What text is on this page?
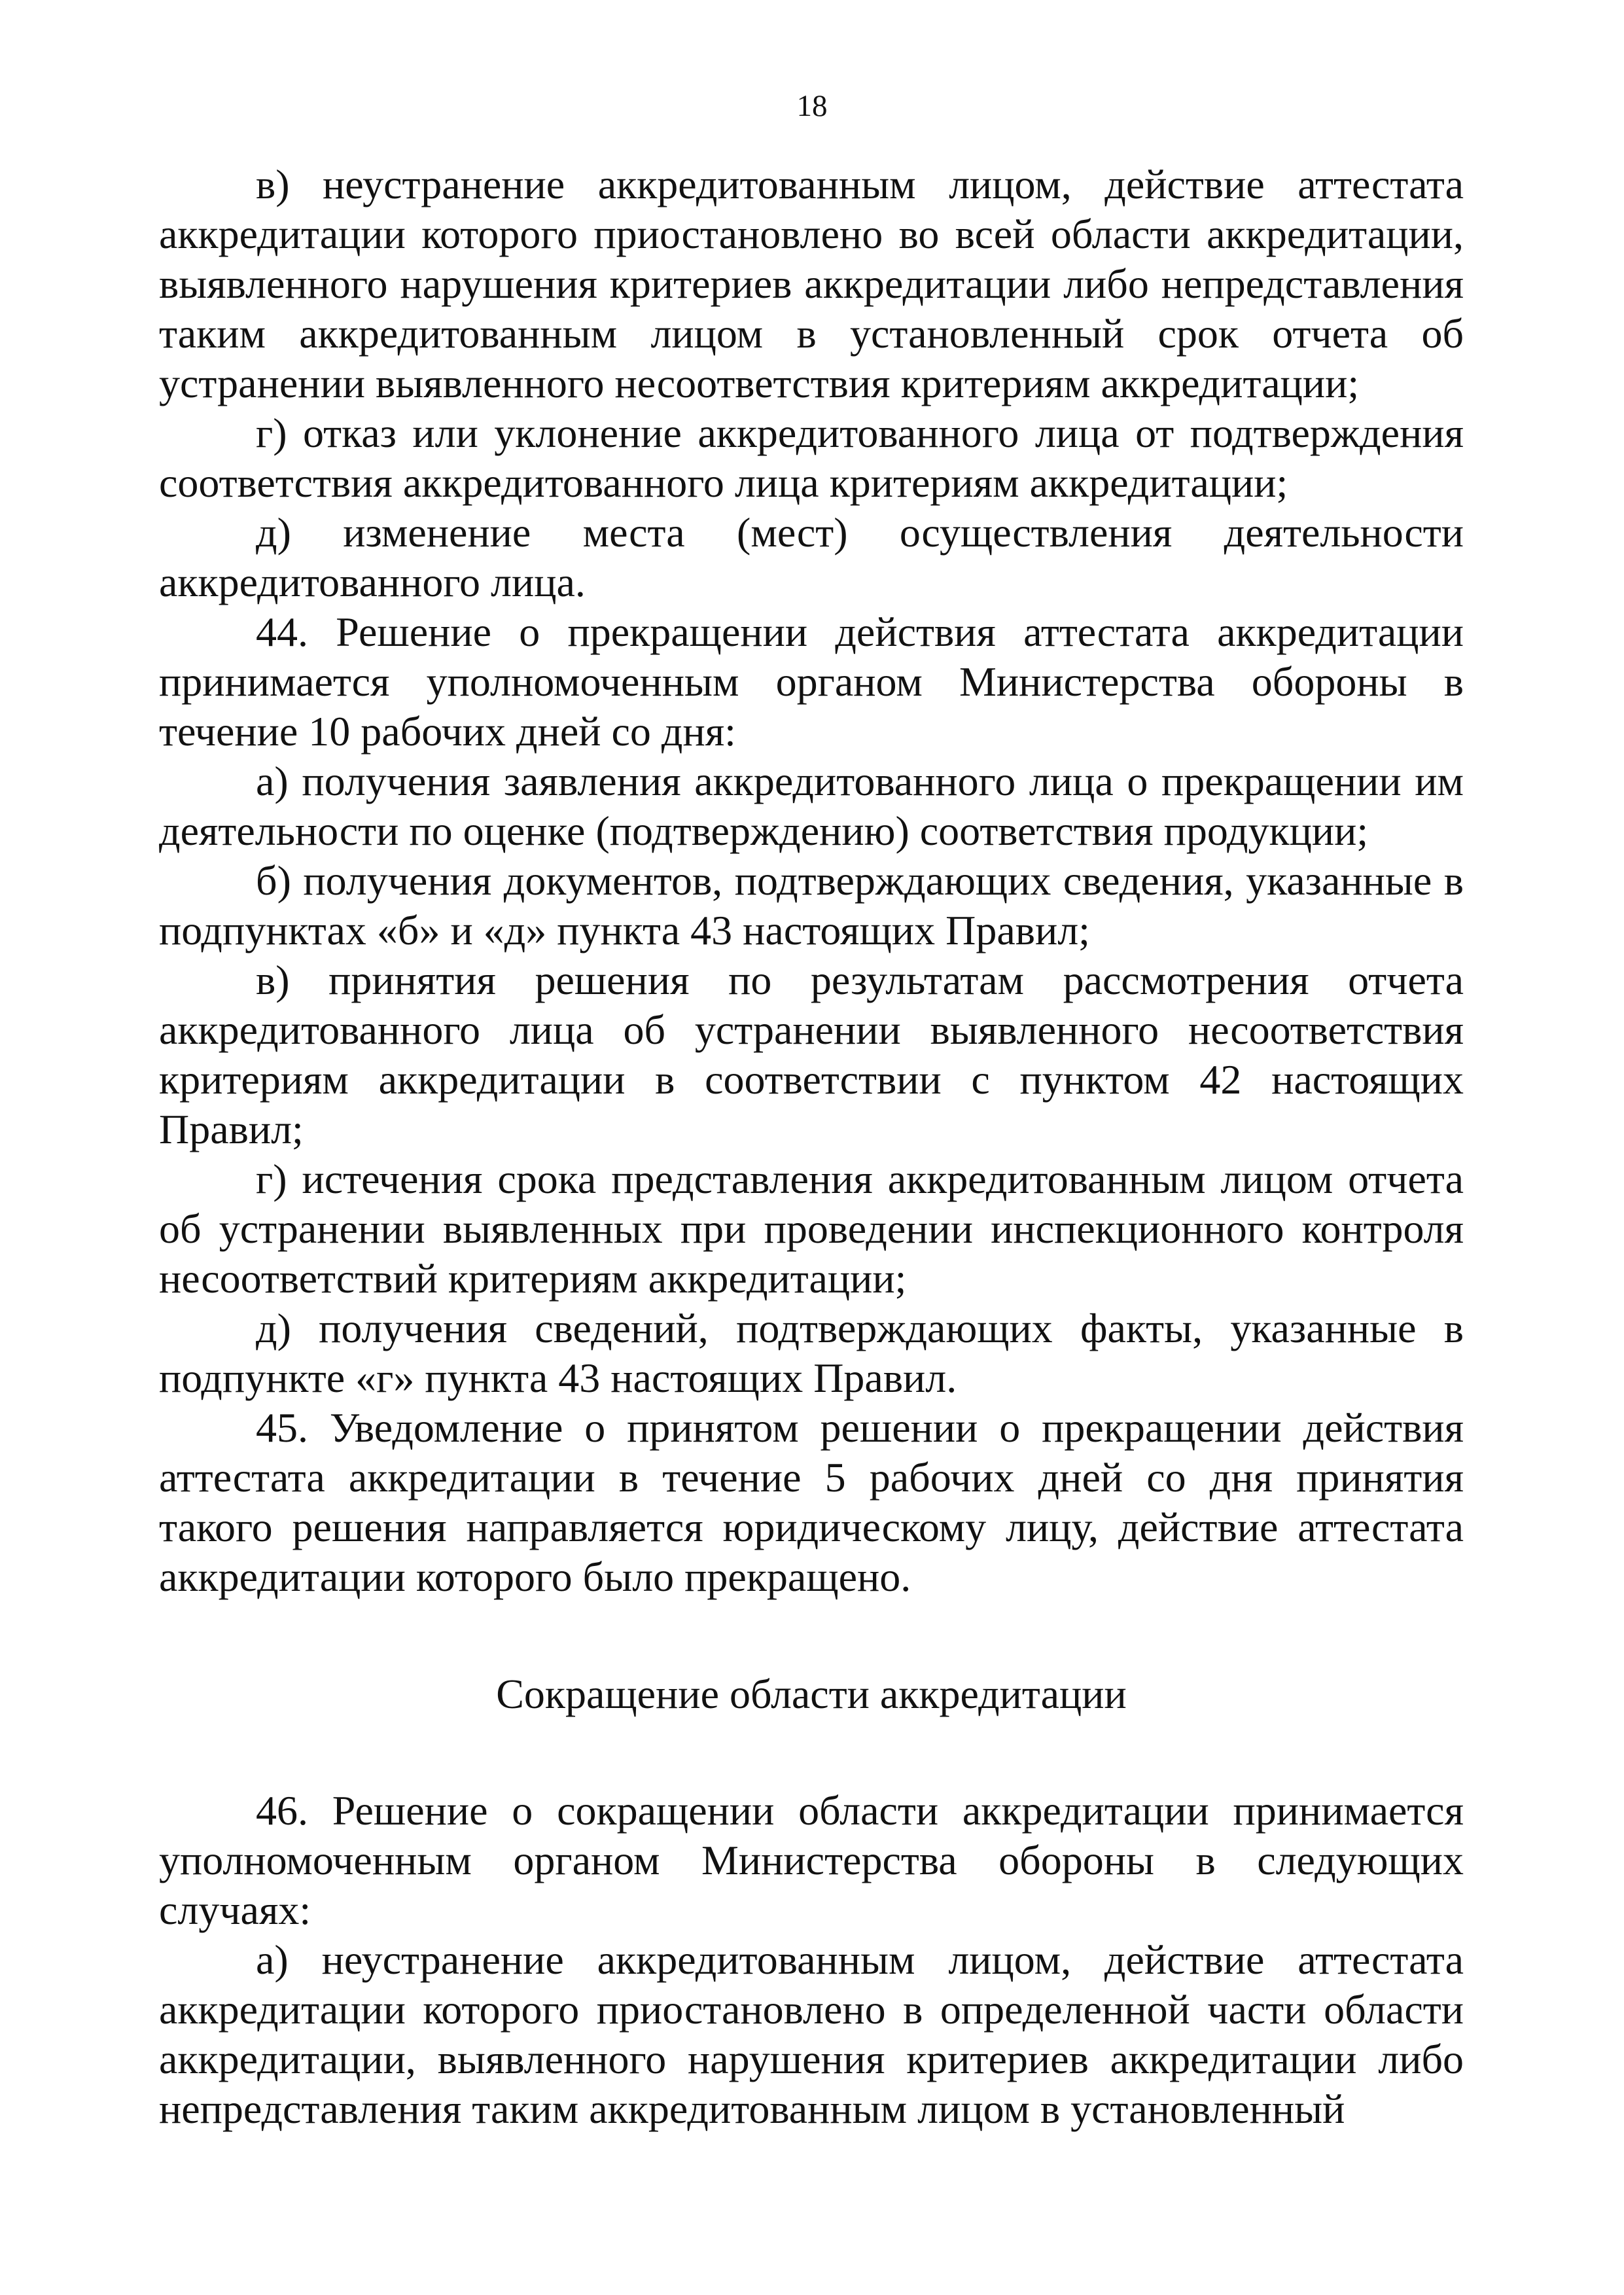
18

в) неустранение аккредитованным лицом, действие аттестата аккредитации которого приостановлено во всей области аккредитации, выявленного нарушения критериев аккредитации либо непредставления таким аккредитованным лицом в установленный срок отчета об устранении выявленного несоответствия критериям аккредитации;

г) отказ или уклонение аккредитованного лица от подтверждения соответствия аккредитованного лица критериям аккредитации;

д) изменение места (мест) осуществления деятельности аккредитованного лица.

44. Решение о прекращении действия аттестата аккредитации принимается уполномоченным органом Министерства обороны в течение 10 рабочих дней со дня:

а) получения заявления аккредитованного лица о прекращении им деятельности по оценке (подтверждению) соответствия продукции;

б) получения документов, подтверждающих сведения, указанные в подпунктах «б» и «д» пункта 43 настоящих Правил;

в) принятия решения по результатам рассмотрения отчета аккредитованного лица об устранении выявленного несоответствия критериям аккредитации в соответствии с пунктом 42 настоящих Правил;

г) истечения срока представления аккредитованным лицом отчета об устранении выявленных при проведении инспекционного контроля несоответствий критериям аккредитации;

д) получения сведений, подтверждающих факты, указанные в подпункте «г» пункта 43 настоящих Правил.

45. Уведомление о принятом решении о прекращении действия аттестата аккредитации в течение 5 рабочих дней со дня принятия такого решения направляется юридическому лицу, действие аттестата аккредитации которого было прекращено.

Сокращение области аккредитации

46. Решение о сокращении области аккредитации принимается уполномоченным органом Министерства обороны в следующих случаях:

а) неустранение аккредитованным лицом, действие аттестата аккредитации которого приостановлено в определенной части области аккредитации, выявленного нарушения критериев аккредитации либо непредставления таким аккредитованным лицом в установленный
